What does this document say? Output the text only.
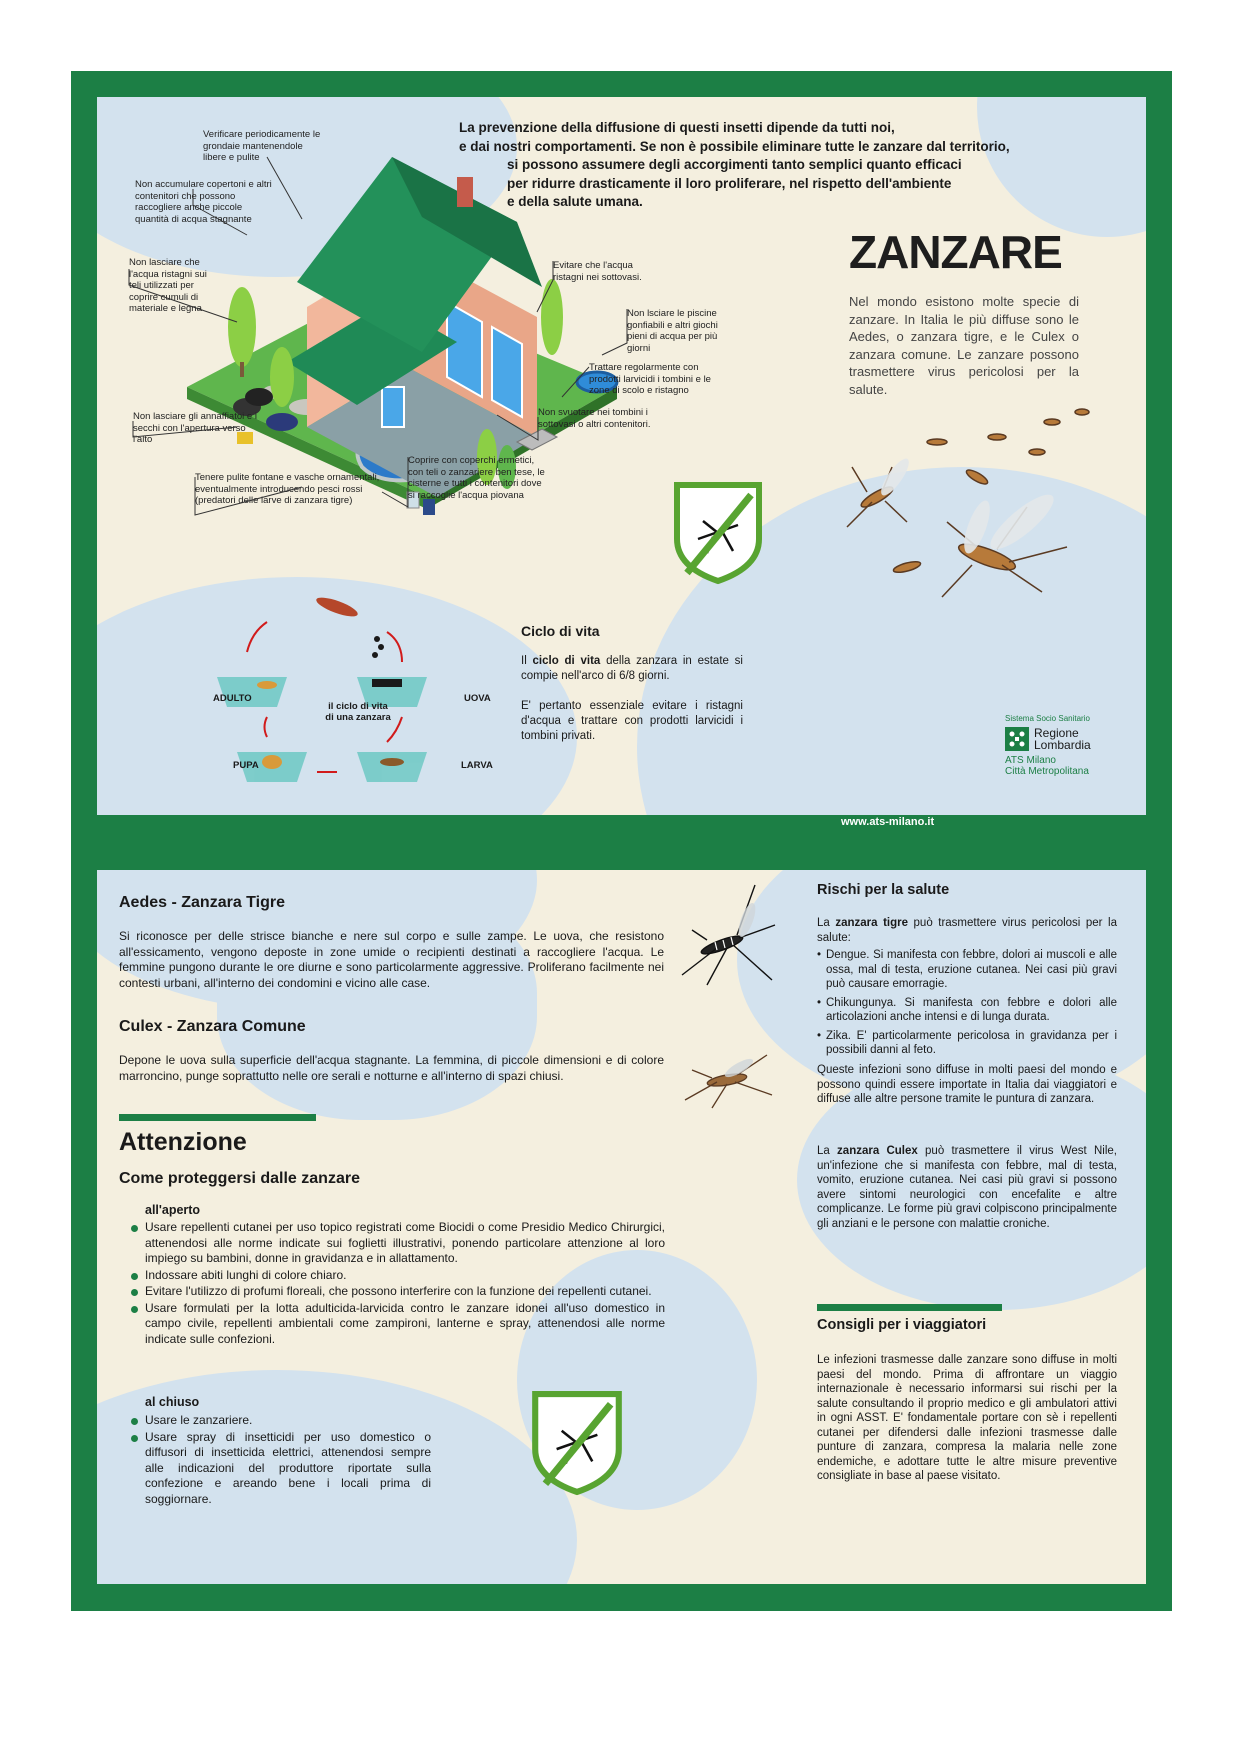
La prevenzione della diffusione di questi insetti dipende da tutti noi,
e dai nostri comportamenti. Se non è possibile eliminare tutte le zanzare dal territorio,
si possono assumere degli accorgimenti tanto semplici quanto efficaci
per ridurre drasticamente il loro proliferare, nel rispetto dell'ambiente
e della salute umana.
ZANZARE
Nel mondo esistono molte specie di zanzare. In Italia le più diffuse sono le Aedes, o zanzara tigre, e le Culex o zanzara comune. Le zanzare possono trasmettere virus pericolosi per la salute.
Verificare periodicamente le grondaie mantenendole libere e pulite
Non accumulare copertoni e altri contenitori che possono raccogliere anche piccole quantità di acqua stagnante
Non lasciare che l'acqua ristagni sui teli utilizzati per coprire cumuli di materiale e legna
Evitare che l'acqua ristagni nei sottovasi.
Non lsciare le piscine gonfiabili e altri giochi pieni di acqua per più giorni
Trattare regolarmente con prodotti larvicidi i tombini e le zone di scolo e ristagno
Non lasciare gli annaffiatoi e i secchi con l'apertura verso l'alto
Non svuotare nei tombini i sottovasi o altri contenitori.
Coprire con coperchi ermetici, con teli o zanzariere ben tese, le cisterne e tutti i contenitori dove si raccoglie l'acqua piovana
Tenere pulite fontane e vasche ornamentali, eventualmente introducendo pesci rossi (predatori delle larve di zanzara tigre)
ADULTO	UOVA
PUPA	LARVA
il ciclo di vita
di una zanzara
Ciclo di vita
Il ciclo di vita della zanzara in estate si compie nell'arco di 6/8 giorni.
E' pertanto essenziale evitare i ristagni d'acqua e trattare con prodotti larvicidi i tombini privati.
Sistema Socio Sanitario
Regione
Lombardia
ATS Milano
Città Metropolitana
www.ats-milano.it
Aedes - Zanzara Tigre
Si riconosce per delle strisce bianche e nere sul corpo e sulle zampe. Le uova, che resistono all'essicamento, vengono deposte in zone umide o recipienti destinati a raccogliere l'acqua. Le femmine pungono durante le ore diurne e sono particolarmente aggressive. Proliferano facilmente nei contesti urbani, all'interno dei condomini e vicino alle case.
Culex - Zanzara Comune
Depone le uova sulla superficie dell'acqua stagnante. La femmina, di piccole dimensioni e di colore marroncino, punge soprattutto nelle ore serali e notturne e all'interno di spazi chiusi.
Attenzione
Come proteggersi dalle zanzare
all'aperto
Usare repellenti cutanei per uso topico registrati come Biocidi o come Presidio Medico Chirurgici, attenendosi alle norme indicate sui foglietti illustrativi, ponendo particolare attenzione al loro impiego su bambini, donne in gravidanza e in allattamento.
Indossare abiti lunghi di colore chiaro.
Evitare l'utilizzo di profumi floreali, che possono interferire con la funzione dei repellenti cutanei.
Usare formulati per la lotta adulticida-larvicida contro le zanzare idonei all'uso domestico in campo civile, repellenti ambientali come zampironi, lanterne e spray, attenendosi alle norme indicate sulle confezioni.
al chiuso
Usare le zanzariere.
Usare spray di insetticidi per uso domestico o diffusori di insetticida elettrici, attenendosi sempre alle indicazioni del produttore riportate sulla confezione e areando bene i locali prima di soggiornare.
Rischi per la salute
La zanzara tigre può trasmettere virus pericolosi per la salute:
• Dengue. Si manifesta con febbre, dolori ai muscoli e alle ossa, mal di testa, eruzione cutanea. Nei casi più gravi può causare emorragie.
• Chikungunya. Si manifesta con febbre e dolori alle articolazioni anche intensi e di lunga durata.
• Zika. E' particolarmente pericolosa in gravidanza per i possibili danni al feto.
Queste infezioni sono diffuse in molti paesi del mondo e possono quindi essere importate in Italia dai viaggiatori e diffuse alle altre persone tramite le puntura di zanzara.
La zanzara Culex può trasmettere il virus West Nile, un'infezione che si manifesta con febbre, mal di testa, vomito, eruzione cutanea. Nei casi più gravi si possono avere sintomi neurologici con encefalite e altre complicanze. Le forme più gravi colpiscono principalmente gli anziani e le persone con malattie croniche.
Consigli per i viaggiatori
Le infezioni trasmesse dalle zanzare sono diffuse in molti paesi del mondo. Prima di affrontare un viaggio internazionale è necessario informarsi sui rischi per la salute consultando il proprio medico e gli ambulatori attivi in ogni ASST. E' fondamentale portare con sè i repellenti cutanei per difendersi dalle infezioni trasmesse dalle punture di zanzara, compresa la malaria nelle zone endemiche, e adottare tutte le altre misure preventive consigliate in base al paese visitato.
